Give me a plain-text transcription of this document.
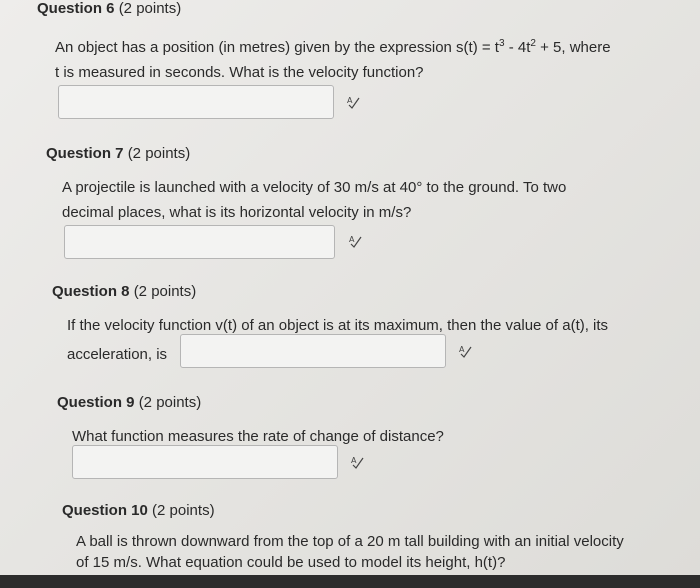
Question 6 (2 points)
An object has a position (in metres) given by the expression $s(t) = t^3 - 4t^2 + 5$, where
t is measured in seconds. What is the velocity function?
A
Question 7 (2 points)
A projectile is launched with a velocity of 30 m/s at 40° to the ground. To two
decimal places, what is its horizontal velocity in m/s?
A
Question 8 (2 points)
If the velocity function v(t) of an object is at its maximum, then the value of a(t), its
acceleration, is	A
Question 9 (2 points)
What function measures the rate of change of distance?
A
Question 10 (2 points)
A ball is thrown downward from the top of a 20 m tall building with an initial velocity
of 15 m/s. What equation could be used to model its height, h(t)?
